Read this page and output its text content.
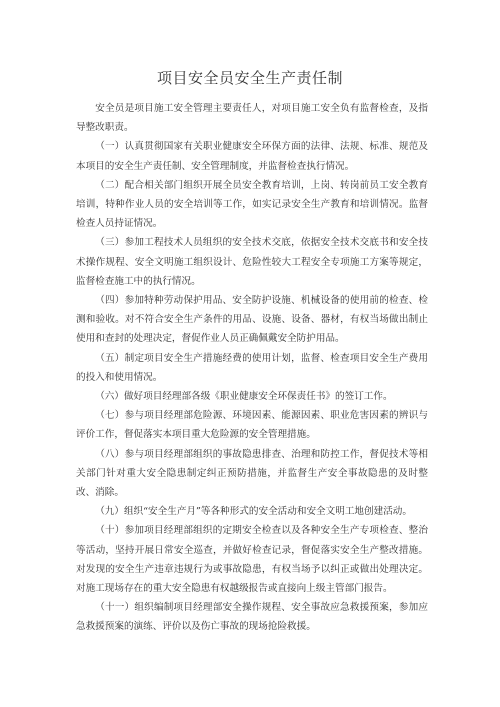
项目安全员安全生产责任制

安全员是项目施工安全管理主要责任人，对项目施工安全负有监督检查，及指导整改职责。

（一）认真贯彻国家有关职业健康安全环保方面的法律、法规、标准、规范及本项目的安全生产责任制、安全管理制度，并监督检查执行情况。

（二）配合相关部门组织开展全员安全教育培训，上岗、转岗前员工安全教育培训，特种作业人员的安全培训等工作，如实记录安全生产教育和培训情况。监督检查人员持证情况。

（三）参加工程技术人员组织的安全技术交底，依据安全技术交底书和安全技术操作规程、安全文明施工组织设计、危险性较大工程安全专项施工方案等规定，监督检查施工中的执行情况。

（四）参加特种劳动保护用品、安全防护设施、机械设备的使用前的检查、检测和验收。对不符合安全生产条件的用品、设施、设备、器材，有权当场做出制止使用和查封的处理决定，督促作业人员正确佩戴安全防护用品。

（五）制定项目安全生产措施经费的使用计划，监督、检查项目安全生产费用的投入和使用情况。

（六）做好项目经理部各级《职业健康安全环保责任书》的签订工作。

（七）参与项目经理部危险源、环境因素、能源因素、职业危害因素的辨识与评价工作，督促落实本项目重大危险源的安全管理措施。

（八）参与项目经理部组织的事故隐患排查、治理和防控工作，督促技术等相关部门针对重大安全隐患制定纠正预防措施，并监督生产安全事故隐患的及时整改、消除。

（九）组织“安全生产月”等各种形式的安全活动和安全文明工地创建活动。

（十）参加项目经理部组织的定期安全检查以及各种安全生产专项检查、整治等活动，坚持开展日常安全巡查，并做好检查记录，督促落实安全生产整改措施。对发现的安全生产违章违规行为或事故隐患，有权当场予以纠正或做出处理决定。对施工现场存在的重大安全隐患有权越级报告或直接向上级主管部门报告。

（十一）组织编制项目经理部安全操作规程、安全事故应急救援预案，参加应急救援预案的演练、评价以及伤亡事故的现场抢险救援。
